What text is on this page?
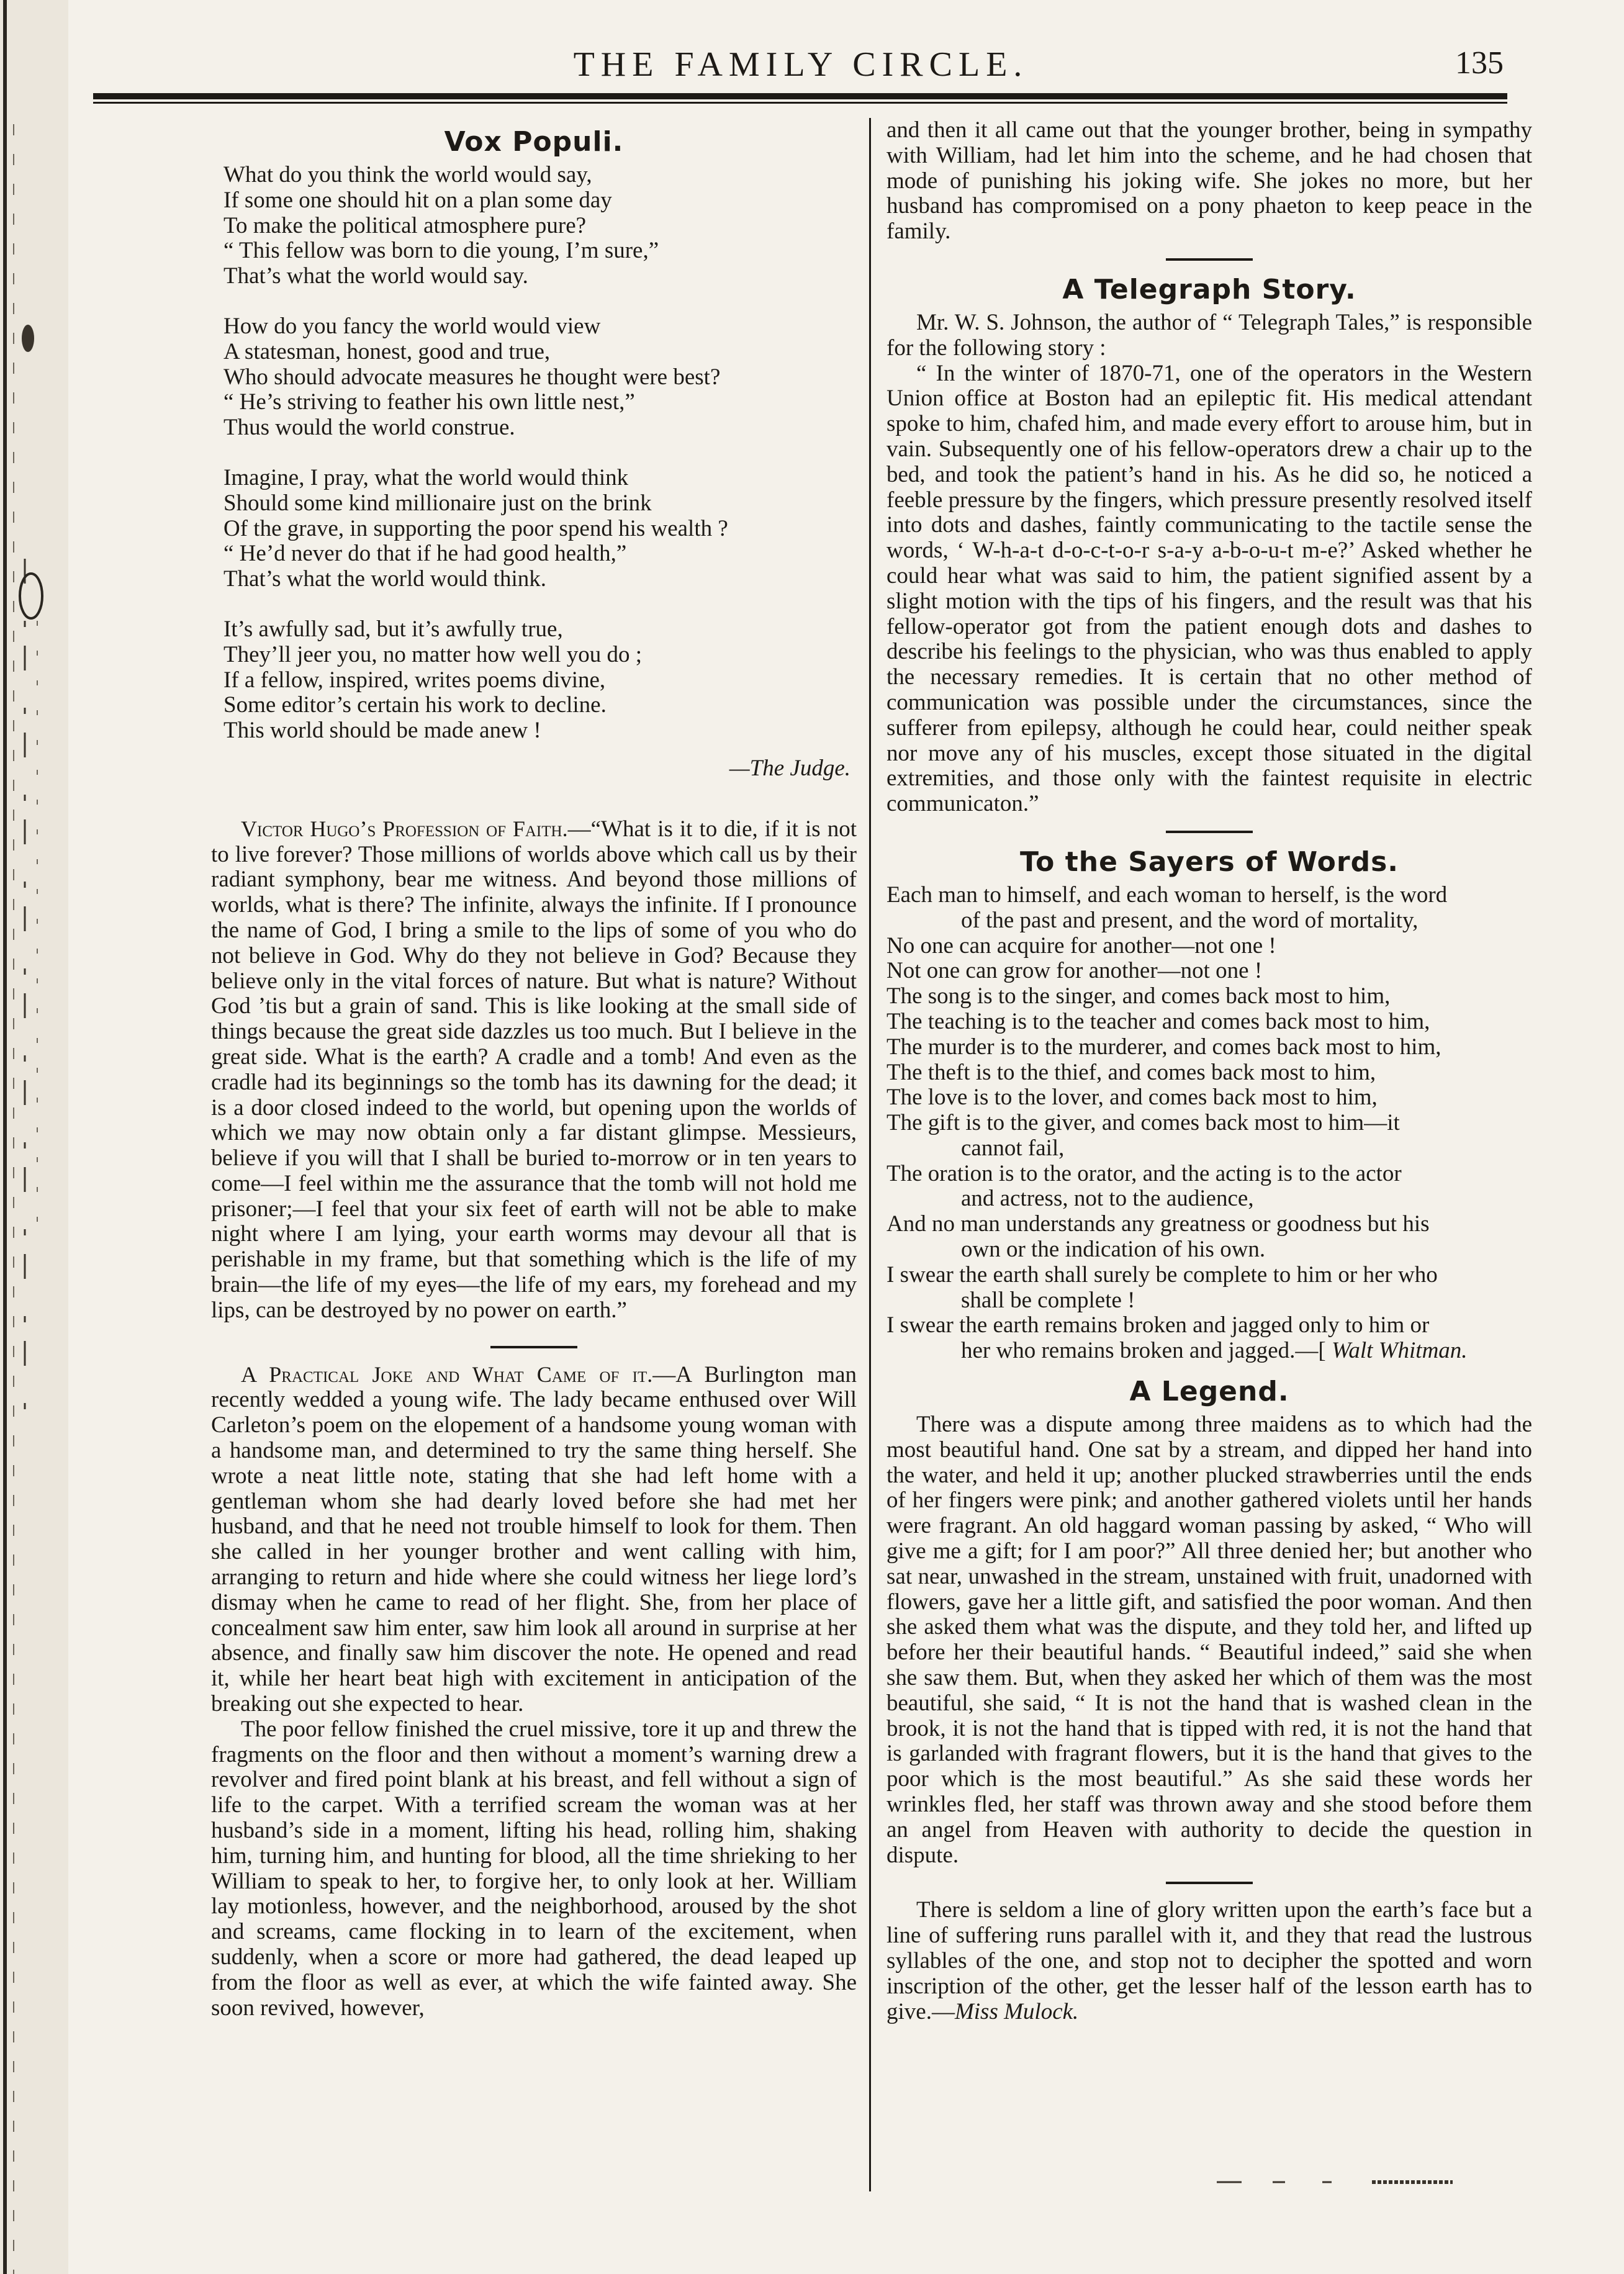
THE FAMILY CIRCLE.	135
Vox Populi.
What do you think the world would say,
If some one should hit on a plan some day
To make the political atmosphere pure?
“ This fellow was born to die young, I’m sure,”
That’s what the world would say.
How do you fancy the world would view
A statesman, honest, good and true,
Who should advocate measures he thought were best?
“ He’s striving to feather his own little nest,”
Thus would the world construe.
Imagine, I pray, what the world would think
Should some kind millionaire just on the brink
Of the grave, in supporting the poor spend his wealth ?
“ He’d never do that if he had good health,”
That’s what the world would think.
It’s awfully sad, but it’s awfully true,
They’ll jeer you, no matter how well you do ;
If a fellow, inspired, writes poems divine,
Some editor’s certain his work to decline.
This world should be made anew !
—The Judge.

Victor Hugo’s Profession of Faith.—“What is it to die, if it is not to live forever? Those millions of worlds above which call us by their radiant symphony, bear me witness. And beyond those millions of worlds, what is there? The infinite, always the infinite. If I pronounce the name of God, I bring a smile to the lips of some of you who do not believe in God. Why do they not believe in God? Because they believe only in the vital forces of nature. But what is nature? Without God ’tis but a grain of sand. This is like looking at the small side of things because the great side dazzles us too much. But I believe in the great side. What is the earth? A cradle and a tomb! And even as the cradle had its beginnings so the tomb has its dawning for the dead; it is a door closed indeed to the world, but opening upon the worlds of which we may now obtain only a far distant glimpse. Messieurs, believe if you will that I shall be buried to-morrow or in ten years to come—I feel within me the assurance that the tomb will not hold me prisoner;—I feel that your six feet of earth will not be able to make night where I am lying, your earth worms may devour all that is perishable in my frame, but that something which is the life of my brain—the life of my eyes—the life of my ears, my forehead and my lips, can be destroyed by no power on earth.”

A Practical Joke and What Came of it.—A Burlington man recently wedded a young wife. The lady became enthused over Will Carleton’s poem on the elopement of a handsome young woman with a handsome man, and determined to try the same thing herself. She wrote a neat little note, stating that she had left home with a gentleman whom she had dearly loved before she had met her husband, and that he need not trouble himself to look for them. Then she called in her younger brother and went calling with him, arranging to return and hide where she could witness her liege lord’s dismay when he came to read of her flight. She, from her place of concealment saw him enter, saw him look all around in surprise at her absence, and finally saw him discover the note. He opened and read it, while her heart beat high with excitement in anticipation of the breaking out she expected to hear.

The poor fellow finished the cruel missive, tore it up and threw the fragments on the floor and then without a moment’s warning drew a revolver and fired point blank at his breast, and fell without a sign of life to the carpet. With a terrified scream the woman was at her husband’s side in a moment, lifting his head, rolling him, shaking him, turning him, and hunting for blood, all the time shrieking to her William to speak to her, to forgive her, to only look at her. William lay motionless, however, and the neighborhood, aroused by the shot and screams, came flocking in to learn of the excitement, when suddenly, when a score or more had gathered, the dead leaped up from the floor as well as ever, at which the wife fainted away. She soon revived, however,

and then it all came out that the younger brother, being in sympathy with William, had let him into the scheme, and he had chosen that mode of punishing his joking wife. She jokes no more, but her husband has compromised on a pony phaeton to keep peace in the family.

A Telegraph Story.

Mr. W. S. Johnson, the author of “ Telegraph Tales,” is responsible for the following story :

“ In the winter of 1870-71, one of the operators in the Western Union office at Boston had an epileptic fit. His medical attendant spoke to him, chafed him, and made every effort to arouse him, but in vain. Subsequently one of his fellow-operators drew a chair up to the bed, and took the patient’s hand in his. As he did so, he noticed a feeble pressure by the fingers, which pressure presently resolved itself into dots and dashes, faintly communicating to the tactile sense the words, ‘ W-h-a-t d-o-c-t-o-r s-a-y a-b-o-u-t m-e?’ Asked whether he could hear what was said to him, the patient signified assent by a slight motion with the tips of his fingers, and the result was that his fellow-operator got from the patient enough dots and dashes to describe his feelings to the physician, who was thus enabled to apply the necessary remedies. It is certain that no other method of communication was possible under the circumstances, since the sufferer from epilepsy, although he could hear, could neither speak nor move any of his muscles, except those situated in the digital extremities, and those only with the faintest requisite in electric communicaton.”

To the Sayers of Words.
Each man to himself, and each woman to herself, is the word
of the past and present, and the word of mortality,
No one can acquire for another—not one !
Not one can grow for another—not one !
The song is to the singer, and comes back most to him,
The teaching is to the teacher and comes back most to him,
The murder is to the murderer, and comes back most to him,
The theft is to the thief, and comes back most to him,
The love is to the lover, and comes back most to him,
The gift is to the giver, and comes back most to him—it
cannot fail,
The oration is to the orator, and the acting is to the actor
and actress, not to the audience,
And no man understands any greatness or goodness but his
own or the indication of his own.
I swear the earth shall surely be complete to him or her who
shall be complete !
I swear the earth remains broken and jagged only to him or
her who remains broken and jagged.—[ Walt Whitman.
A Legend.

There was a dispute among three maidens as to which had the most beautiful hand. One sat by a stream, and dipped her hand into the water, and held it up; another plucked strawberries until the ends of her fingers were pink; and another gathered violets until her hands were fragrant. An old haggard woman passing by asked, “ Who will give me a gift; for I am poor?” All three denied her; but another who sat near, unwashed in the stream, unstained with fruit, unadorned with flowers, gave her a little gift, and satisfied the poor woman. And then she asked them what was the dispute, and they told her, and lifted up before her their beautiful hands. “ Beautiful indeed,” said she when she saw them. But, when they asked her which of them was the most beautiful, she said, “ It is not the hand that is washed clean in the brook, it is not the hand that is tipped with red, it is not the hand that is garlanded with fragrant flowers, but it is the hand that gives to the poor which is the most beautiful.” As she said these words her wrinkles fled, her staff was thrown away and she stood before them an angel from Heaven with authority to decide the question in dispute.

There is seldom a line of glory written upon the earth’s face but a line of suffering runs parallel with it, and they that read the lustrous syllables of the one, and stop not to decipher the spotted and worn inscription of the other, get the lesser half of the lesson earth has to give.—Miss Mulock.
